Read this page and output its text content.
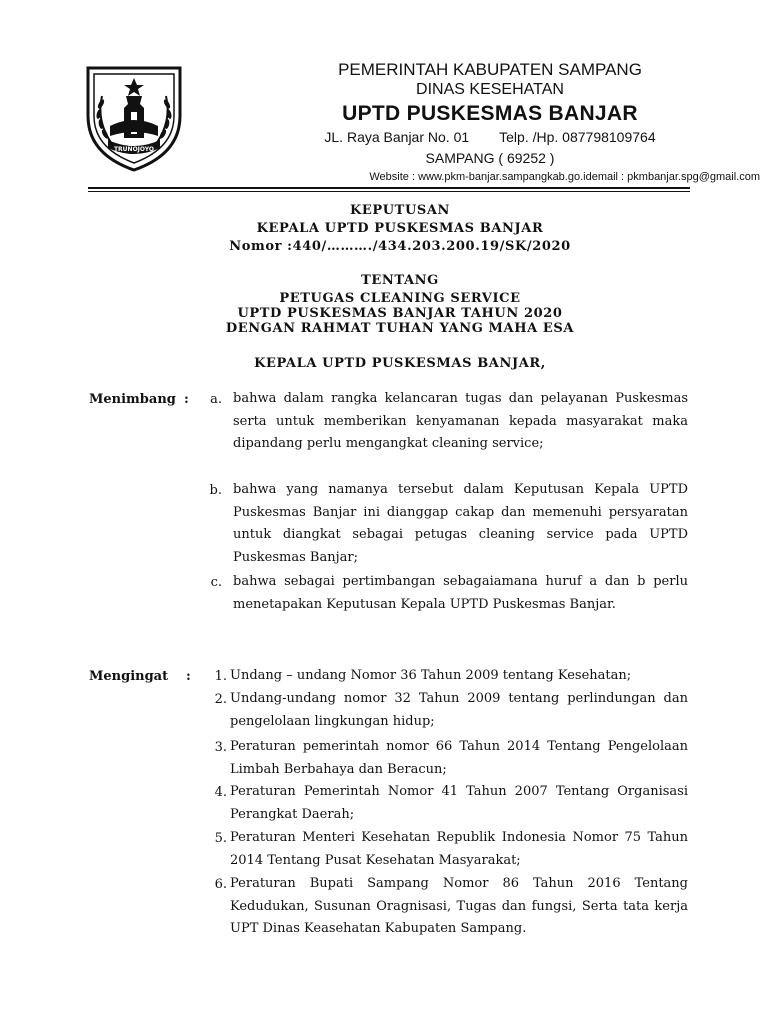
TRUNOJOYO
PEMERINTAH KABUPATEN SAMPANG
DINAS KESEHATAN
UPTD PUSKESMAS BANJAR
JL. Raya Banjar No. 01 Telp. /Hp. 087798109764
SAMPANG ( 69252 )
Website : www.pkm-banjar.sampangkab.go.idemail : pkmbanjar.spg@gmail.com
KEPUTUSAN
KEPALA UPTD PUSKESMAS BANJAR
Nomor :440/………./434.203.200.19/SK/2020
TENTANG
PETUGAS CLEANING SERVICE
UPTD PUSKESMAS BANJAR TAHUN 2020
DENGAN RAHMAT TUHAN YANG MAHA ESA
KEPALA UPTD PUSKESMAS BANJAR,
Menimbang :	a. bahwa dalam rangka kelancaran tugas dan pelayanan Puskesmas serta untuk memberikan kenyamanan kepada masyarakat maka dipandang perlu mengangkat cleaning service;
b. bahwa yang namanya tersebut dalam Keputusan Kepala UPTD Puskesmas Banjar ini dianggap cakap dan memenuhi persyaratan untuk diangkat sebagai petugas cleaning service pada UPTD Puskesmas Banjar;
c. bahwa sebagai pertimbangan sebagaiamana huruf a dan b perlu menetapakan Keputusan Kepala UPTD Puskesmas Banjar.
Mengingat :	1. Undang – undang Nomor 36 Tahun 2009 tentang Kesehatan;
2. Undang-undang nomor 32 Tahun 2009 tentang perlindungan dan pengelolaan lingkungan hidup;
3. Peraturan pemerintah nomor 66 Tahun 2014 Tentang Pengelolaan Limbah Berbahaya dan Beracun;
4. Peraturan Pemerintah Nomor 41 Tahun 2007 Tentang Organisasi Perangkat Daerah;
5. Peraturan Menteri Kesehatan Republik Indonesia Nomor 75 Tahun 2014 Tentang Pusat Kesehatan Masyarakat;
6. Peraturan Bupati Sampang Nomor 86 Tahun 2016 Tentang Kedudukan, Susunan Oragnisasi, Tugas dan fungsi, Serta tata kerja UPT Dinas Keasehatan Kabupaten Sampang.
